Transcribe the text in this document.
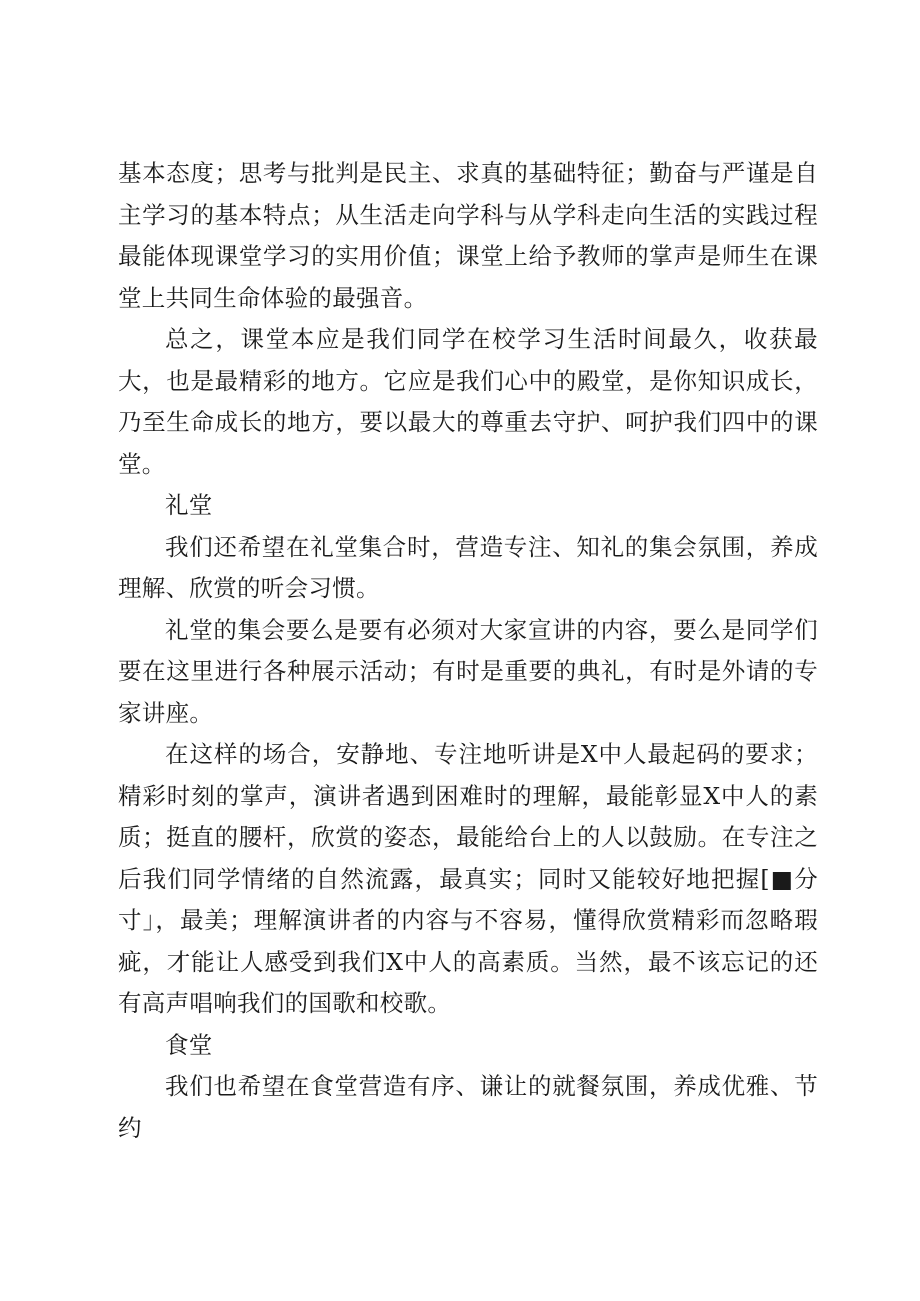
基本态度；思考与批判是民主、求真的基础特征；勤奋与严谨是自主学习的基本特点；从生活走向学科与从学科走向生活的实践过程最能体现课堂学习的实用价值；课堂上给予教师的掌声是师生在课堂上共同生命体验的最强音。

总之，课堂本应是我们同学在校学习生活时间最久，收获最大，也是最精彩的地方。它应是我们心中的殿堂，是你知识成长，乃至生命成长的地方，要以最大的尊重去守护、呵护我们四中的课堂。

礼堂

我们还希望在礼堂集合时，营造专注、知礼的集会氛围，养成理解、欣赏的听会习惯。

礼堂的集会要么是要有必须对大家宣讲的内容，要么是同学们要在这里进行各种展示活动；有时是重要的典礼，有时是外请的专家讲座。

在这样的场合，安静地、专注地听讲是X中人最起码的要求；精彩时刻的掌声，演讲者遇到困难时的理解，最能彰显X中人的素质；挺直的腰杆，欣赏的姿态，最能给台上的人以鼓励。在专注之后我们同学情绪的自然流露，最真实；同时又能较好地把握[■分寸」，最美；理解演讲者的内容与不容易，懂得欣赏精彩而忽略瑕疵，才能让人感受到我们X中人的高素质。当然，最不该忘记的还有高声唱响我们的国歌和校歌。

食堂

我们也希望在食堂营造有序、谦让的就餐氛围，养成优雅、节约
